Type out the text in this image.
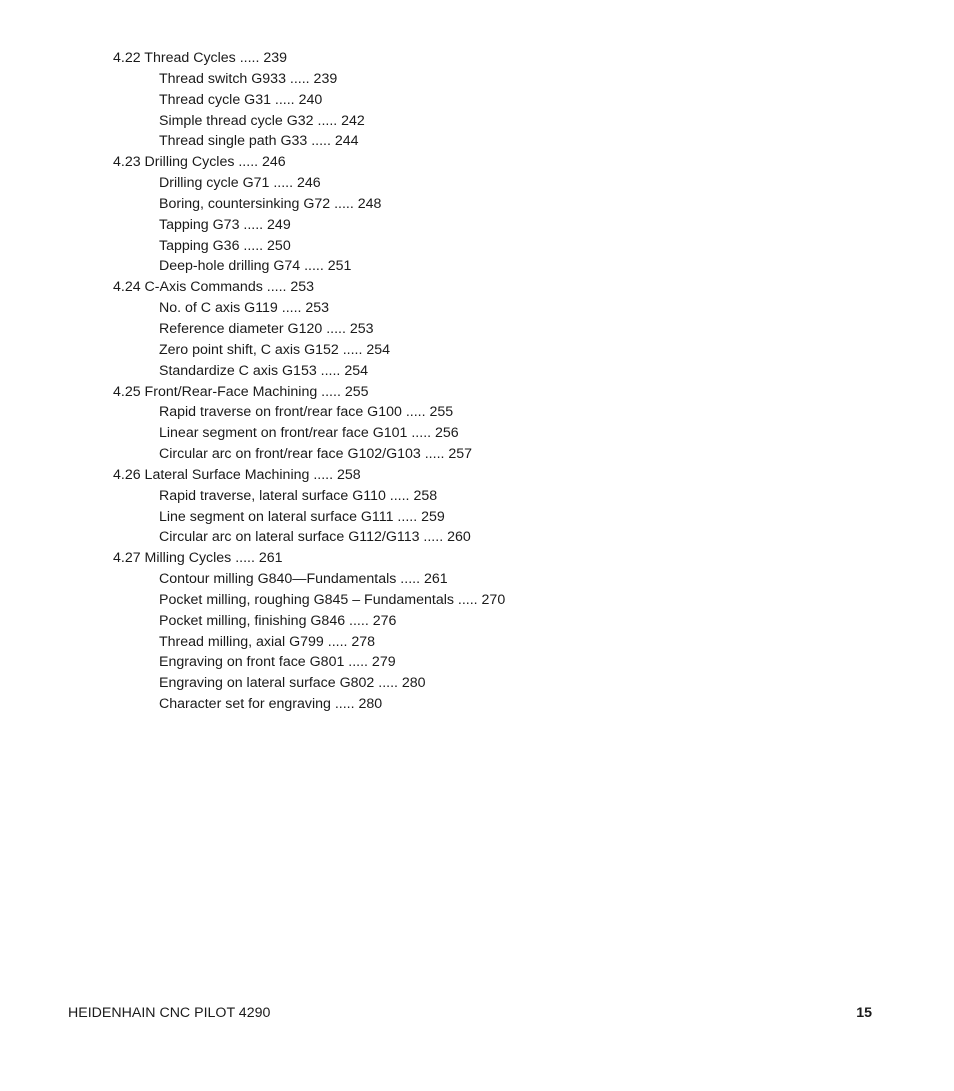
4.22 Thread Cycles ..... 239
Thread switch G933 ..... 239
Thread cycle G31 ..... 240
Simple thread cycle G32 ..... 242
Thread single path G33 ..... 244
4.23 Drilling Cycles ..... 246
Drilling cycle G71 ..... 246
Boring, countersinking G72 ..... 248
Tapping G73 ..... 249
Tapping G36 ..... 250
Deep-hole drilling G74 ..... 251
4.24 C-Axis Commands ..... 253
No. of C axis G119 ..... 253
Reference diameter G120 ..... 253
Zero point shift, C axis G152 ..... 254
Standardize C axis G153 ..... 254
4.25 Front/Rear-Face Machining ..... 255
Rapid traverse on front/rear face G100 ..... 255
Linear segment on front/rear face G101 ..... 256
Circular arc on front/rear face G102/G103 ..... 257
4.26 Lateral Surface Machining ..... 258
Rapid traverse, lateral surface G110 ..... 258
Line segment on lateral surface G111 ..... 259
Circular arc on lateral surface G112/G113 ..... 260
4.27 Milling Cycles ..... 261
Contour milling G840—Fundamentals ..... 261
Pocket milling, roughing G845 – Fundamentals ..... 270
Pocket milling, finishing G846 ..... 276
Thread milling, axial G799 ..... 278
Engraving on front face G801 ..... 279
Engraving on lateral surface G802 ..... 280
Character set for engraving ..... 280
HEIDENHAIN CNC PILOT 4290	15
